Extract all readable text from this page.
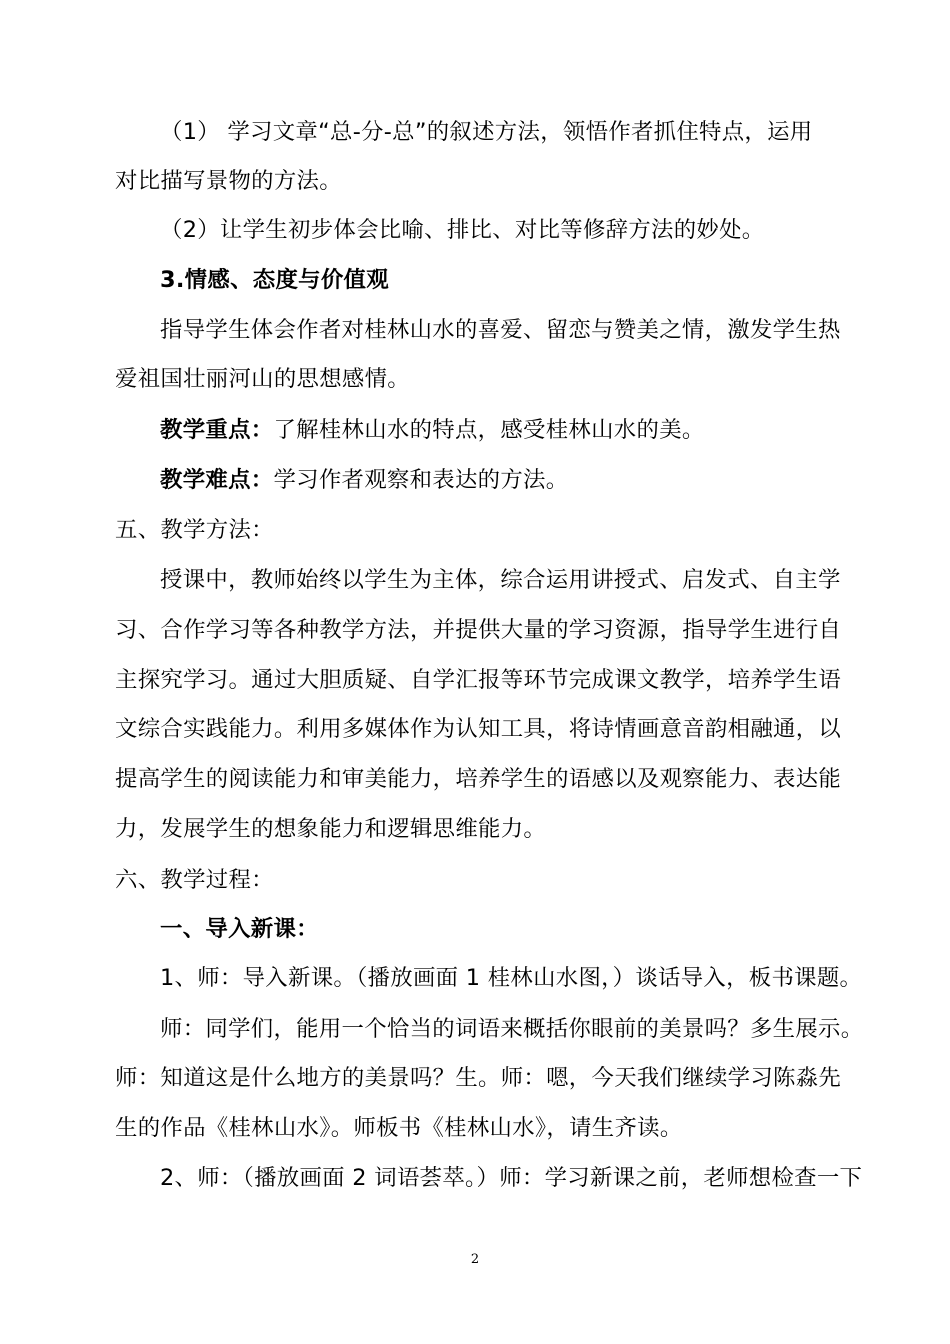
（1） 学习文章“总-分-总”的叙述方法，领悟作者抓住特点，运用
对比描写景物的方法。
（2）让学生初步体会比喻、排比、对比等修辞方法的妙处。
3.情感、态度与价值观
指导学生体会作者对桂林山水的喜爱、留恋与赞美之情，激发学生热
爱祖国壮丽河山的思想感情。
教学重点：了解桂林山水的特点，感受桂林山水的美。
教学难点：学习作者观察和表达的方法。
五、教学方法：
授课中，教师始终以学生为主体，综合运用讲授式、启发式、自主学
习、合作学习等各种教学方法，并提供大量的学习资源，指导学生进行自
主探究学习。通过大胆质疑、自学汇报等环节完成课文教学，培养学生语
文综合实践能力。利用多媒体作为认知工具，将诗情画意音韵相融通，以
提高学生的阅读能力和审美能力，培养学生的语感以及观察能力、表达能
力，发展学生的想象能力和逻辑思维能力。
六、教学过程：
一、导入新课：
1、师：导入新课。（播放画面 1 桂林山水图，）谈话导入，板书课题。
师：同学们，能用一个恰当的词语来概括你眼前的美景吗？多生展示。
师：知道这是什么地方的美景吗？生。师：嗯，今天我们继续学习陈淼先
生的作品《桂林山水》。师板书《桂林山水》，请生齐读。
2、师：（播放画面 2 词语荟萃。）师：学习新课之前，老师想检查一下
2
